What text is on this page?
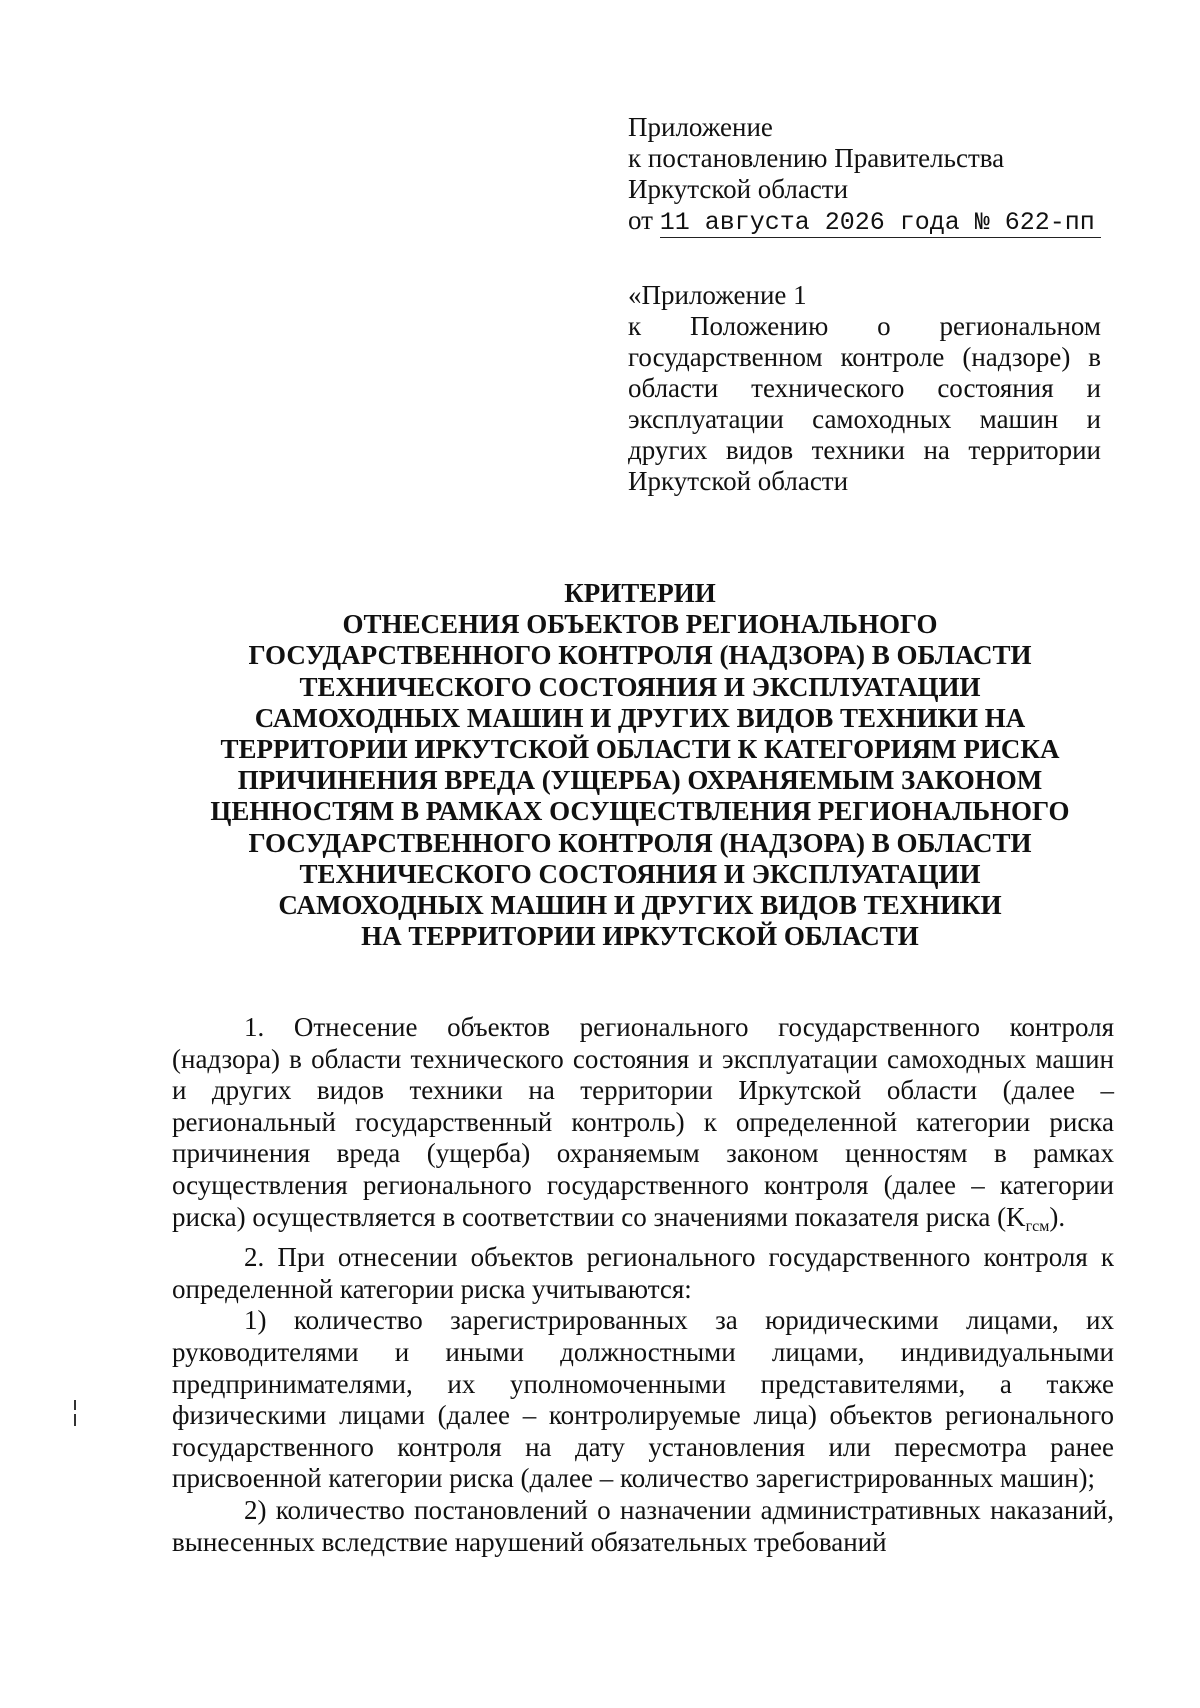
Приложение
к постановлению Правительства
Иркутской области
от 11 августа 2026 года № 622-пп
«Приложение 1
к Положению о региональном государственном контроле (надзоре) в области технического состояния и эксплуатации самоходных машин и других видов техники на территории Иркутской области
КРИТЕРИИ
ОТНЕСЕНИЯ ОБЪЕКТОВ РЕГИОНАЛЬНОГО
ГОСУДАРСТВЕННОГО КОНТРОЛЯ (НАДЗОРА) В ОБЛАСТИ
ТЕХНИЧЕСКОГО СОСТОЯНИЯ И ЭКСПЛУАТАЦИИ
САМОХОДНЫХ МАШИН И ДРУГИХ ВИДОВ ТЕХНИКИ НА
ТЕРРИТОРИИ ИРКУТСКОЙ ОБЛАСТИ К КАТЕГОРИЯМ РИСКА
ПРИЧИНЕНИЯ ВРЕДА (УЩЕРБА) ОХРАНЯЕМЫМ ЗАКОНОМ
ЦЕННОСТЯМ В РАМКАХ ОСУЩЕСТВЛЕНИЯ РЕГИОНАЛЬНОГО
ГОСУДАРСТВЕННОГО КОНТРОЛЯ (НАДЗОРА) В ОБЛАСТИ
ТЕХНИЧЕСКОГО СОСТОЯНИЯ И ЭКСПЛУАТАЦИИ
САМОХОДНЫХ МАШИН И ДРУГИХ ВИДОВ ТЕХНИКИ
НА ТЕРРИТОРИИ ИРКУТСКОЙ ОБЛАСТИ

1. Отнесение объектов регионального государственного контроля (надзора) в области технического состояния и эксплуатации самоходных машин и других видов техники на территории Иркутской области (далее – региональный государственный контроль) к определенной категории риска причинения вреда (ущерба) охраняемым законом ценностям в рамках осуществления регионального государственного контроля (далее – категории риска) осуществляется в соответствии со значениями показателя риска $(K_{гсм})$.

2. При отнесении объектов регионального государственного контроля к определенной категории риска учитываются:

1) количество зарегистрированных за юридическими лицами, их руководителями и иными должностными лицами, индивидуальными предпринимателями, их уполномоченными представителями, а также физическими лицами (далее – контролируемые лица) объектов регионального государственного контроля на дату установления или пересмотра ранее присвоенной категории риска (далее – количество зарегистрированных машин);

2) количество постановлений о назначении административных наказаний, вынесенных вследствие нарушений обязательных требований
